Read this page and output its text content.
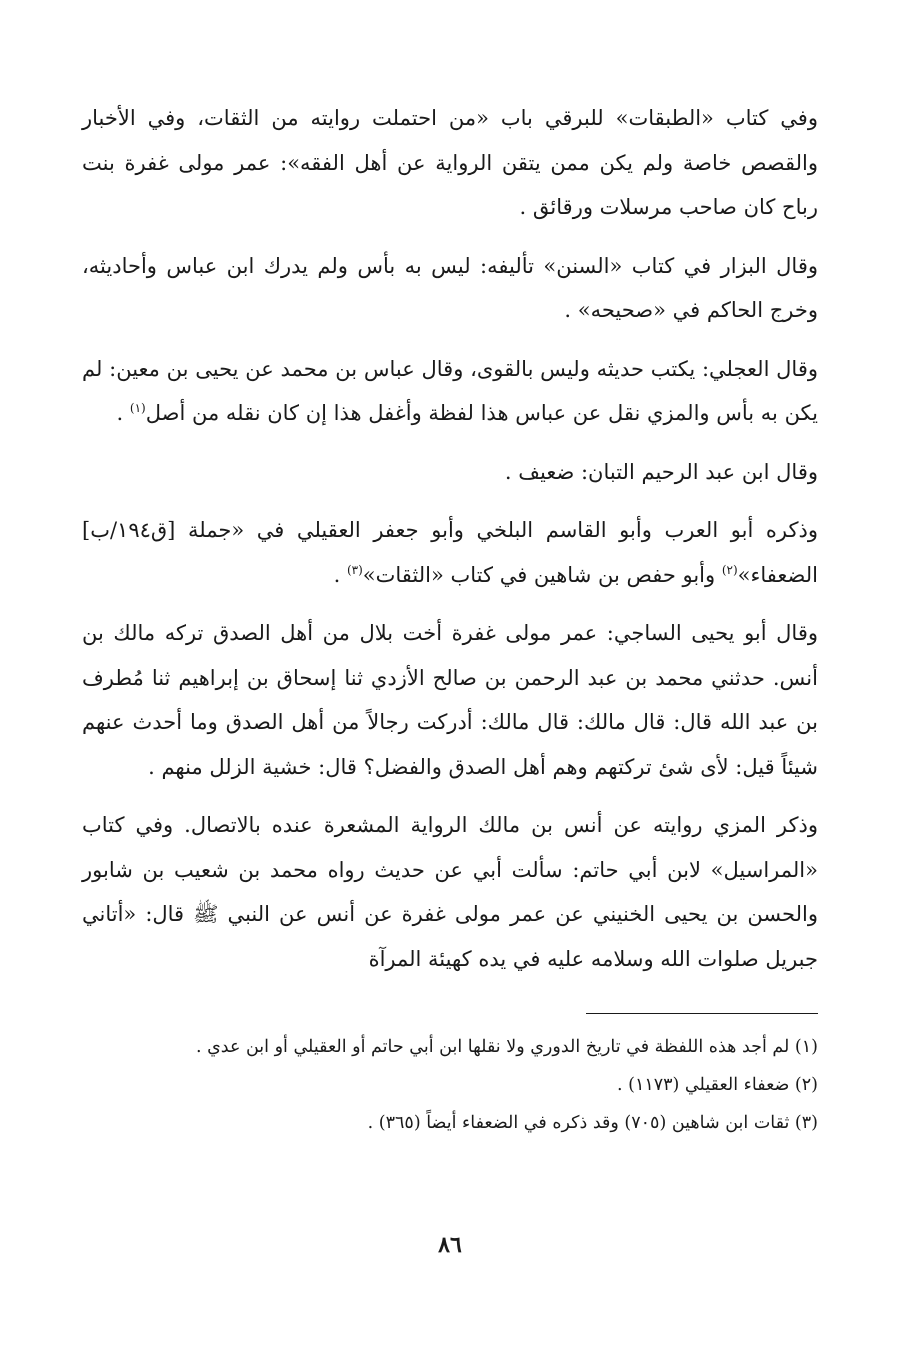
وفي كتاب «الطبقات» للبرقي باب «من احتملت روايته من الثقات، وفي الأخبار والقصص خاصة ولم يكن ممن يتقن الرواية عن أهل الفقه»: عمر مولى غفرة بنت رباح كان صاحب مرسلات ورقائق .

وقال البزار في كتاب «السنن» تأليفه: ليس به بأس ولم يدرك ابن عباس وأحاديثه، وخرج الحاكم في «صحيحه» .

وقال العجلي: يكتب حديثه وليس بالقوى، وقال عباس بن محمد عن يحيى بن معين: لم يكن به بأس والمزي نقل عن عباس هذا لفظة وأغفل هذا إن كان نقله من أصل$^{(١)}$ .

وقال ابن عبد الرحيم التبان: ضعيف .

وذكره أبو العرب وأبو القاسم البلخي وأبو جعفر العقيلي في «جملة [ق١٩٤/ب] الضعفاء»$^{(٢)}$ وأبو حفص بن شاهين في كتاب «الثقات»$^{(٣)}$ .

وقال أبو يحيى الساجي: عمر مولى غفرة أخت بلال من أهل الصدق تركه مالك بن أنس. حدثني محمد بن عبد الرحمن بن صالح الأزدي ثنا إسحاق بن إبراهيم ثنا مُطرف بن عبد الله قال: قال مالك: قال مالك: أدركت رجالاً من أهل الصدق وما أحدث عنهم شيئاً قيل: لأى شئ تركتهم وهم أهل الصدق والفضل؟ قال: خشية الزلل منهم .

وذكر المزي روايته عن أنس بن مالك الرواية المشعرة عنده بالاتصال. وفي كتاب «المراسيل» لابن أبي حاتم: سألت أبي عن حديث رواه محمد بن شعيب بن شابور والحسن بن يحيى الخنيني عن عمر مولى غفرة عن أنس عن النبي ﷺ قال: «أتاني جبريل صلوات الله وسلامه عليه في يده كهيئة المرآة

(١) لم أجد هذه اللفظة في تاريخ الدوري ولا نقلها ابن أبي حاتم أو العقيلي أو ابن عدي .

(٢) ضعفاء العقيلي (١١٧٣) .

(٣) ثقات ابن شاهين (٧٠٥) وقد ذكره في الضعفاء أيضاً (٣٦٥) .

٨٦
